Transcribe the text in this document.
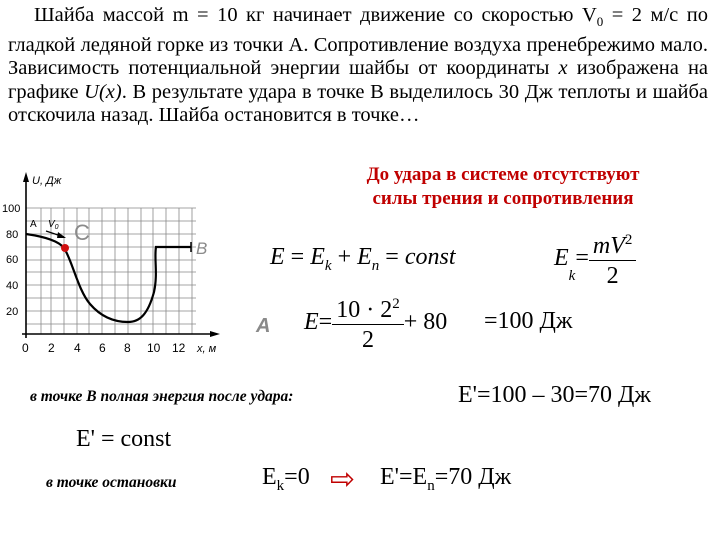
Шайба массой m = 10 кг начинает движение со скоростью $V_0 = 2$ м/с по гладкой ледяной горке из точки A. Сопротивление воздуха пренебрежимо мало. Зависимость потенциальной энергии шайбы от координаты x изображена на графике U(x). В результате удара в точке B выделилось 30 Дж теплоты и шайба отскочила назад. Шайба остановится в точке…

До удара в системе отсутствуют
силы трения и сопротивления
100
80
60
40
20
0 2 4 6 8 10 12
U, Дж
x, м
A $V_0$ C
B
A
$E = E_k + E_n$ = const	E
$_k$
= $\frac{mV^2}{2}$
$E = \frac{10 \cdot 2^2}{2} + 80 =100$ Дж
в точке В полная энергия после удара:	E'=100 – 30=70 Дж
E' = const
в точке остановки	$E_k=0$ ⇨ $E'=E_n=70$ Дж
